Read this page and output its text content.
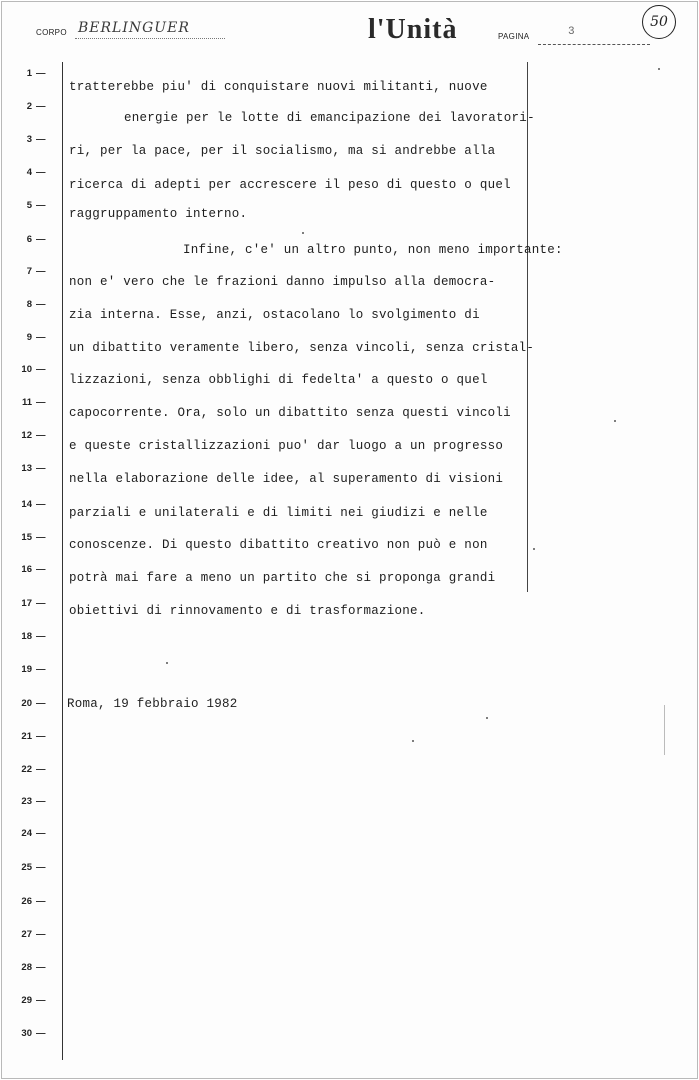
CORPO BERLINGUER	l'Unità	PAGINA	3
50
1 —
2 —
3 —
4 —
5 —
6 —
7 —
8 —
9 —
10 —
11 —
12 —
13 —
14 —
15 —
16 —
17 —
18 —
19 —
20 —
21 —
22 —
23 —
24 —
25 —
26 —
27 —
28 —
29 —
30 —
tratterebbe piu' di conquistare nuovi militanti, nuove
energie per le lotte di emancipazione dei lavoratori-
ri, per la pace, per il socialismo, ma si andrebbe alla
ricerca di adepti per accrescere il peso di questo o quel
raggruppamento interno.
Infine, c'e' un altro punto, non meno importante:
non e' vero che le frazioni danno impulso alla democra-
zia interna. Esse, anzi, ostacolano lo svolgimento di
un dibattito veramente libero, senza vincoli, senza cristal-
lizzazioni, senza obblighi di fedelta' a questo o quel
capocorrente. Ora, solo un dibattito senza questi vincoli
e queste cristallizzazioni puo' dar luogo a un progresso
nella elaborazione delle idee, al superamento di visioni
parziali e unilaterali e di limiti nei giudizi e nelle
conoscenze. Di questo dibattito creativo non può e non
potrà mai fare a meno un partito che si proponga grandi
obiettivi di rinnovamento e di trasformazione.
Roma, 19 febbraio 1982
